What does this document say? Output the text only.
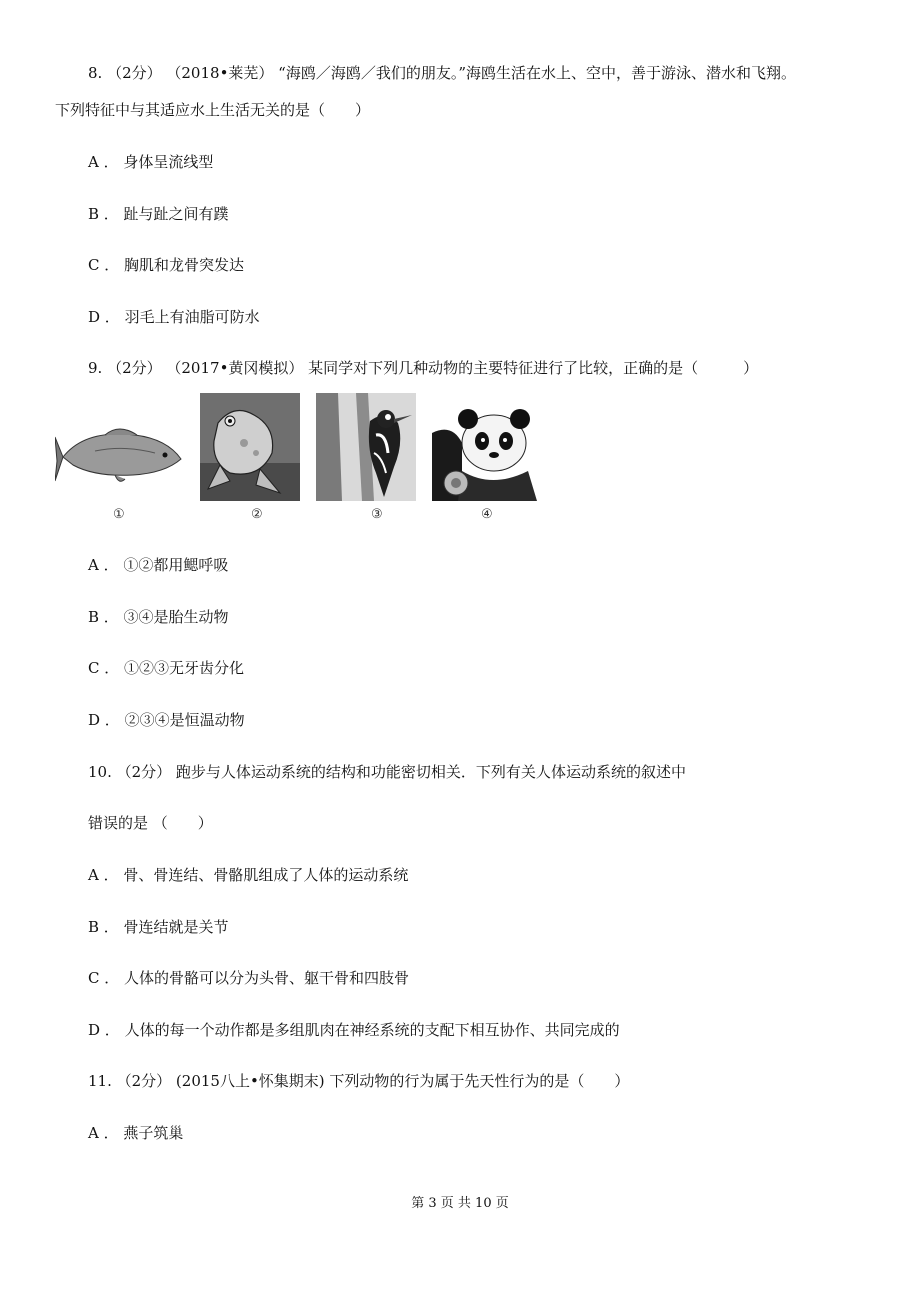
8. （2分） （2018•莱芜） “海鸥／海鸥／我们的朋友。”海鸥生活在水上、空中，善于游泳、潜水和飞翔。
下列特征中与其适应水上生活无关的是（　　）
A ． 身体呈流线型
B ． 趾与趾之间有蹼
C ． 胸肌和龙骨突发达
D ． 羽毛上有油脂可防水
9. （2分） （2017•黄冈模拟） 某同学对下列几种动物的主要特征进行了比较，正确的是（　　　）
①	②	③	④
A ． ①②都用鳃呼吸
B ． ③④是胎生动物
C ． ①②③无牙齿分化
D ． ②③④是恒温动物
10. （2分） 跑步与人体运动系统的结构和功能密切相关．下列有关人体运动系统的叙述中
错误的是 （　　）
A ． 骨、骨连结、骨骼肌组成了人体的运动系统
B ． 骨连结就是关节
C ． 人体的骨骼可以分为头骨、躯干骨和四肢骨
D ． 人体的每一个动作都是多组肌肉在神经系统的支配下相互协作、共同完成的
11. （2分） (2015八上•怀集期末) 下列动物的行为属于先天性行为的是（　　）
A ． 燕子筑巢
第 3 页 共 10 页
